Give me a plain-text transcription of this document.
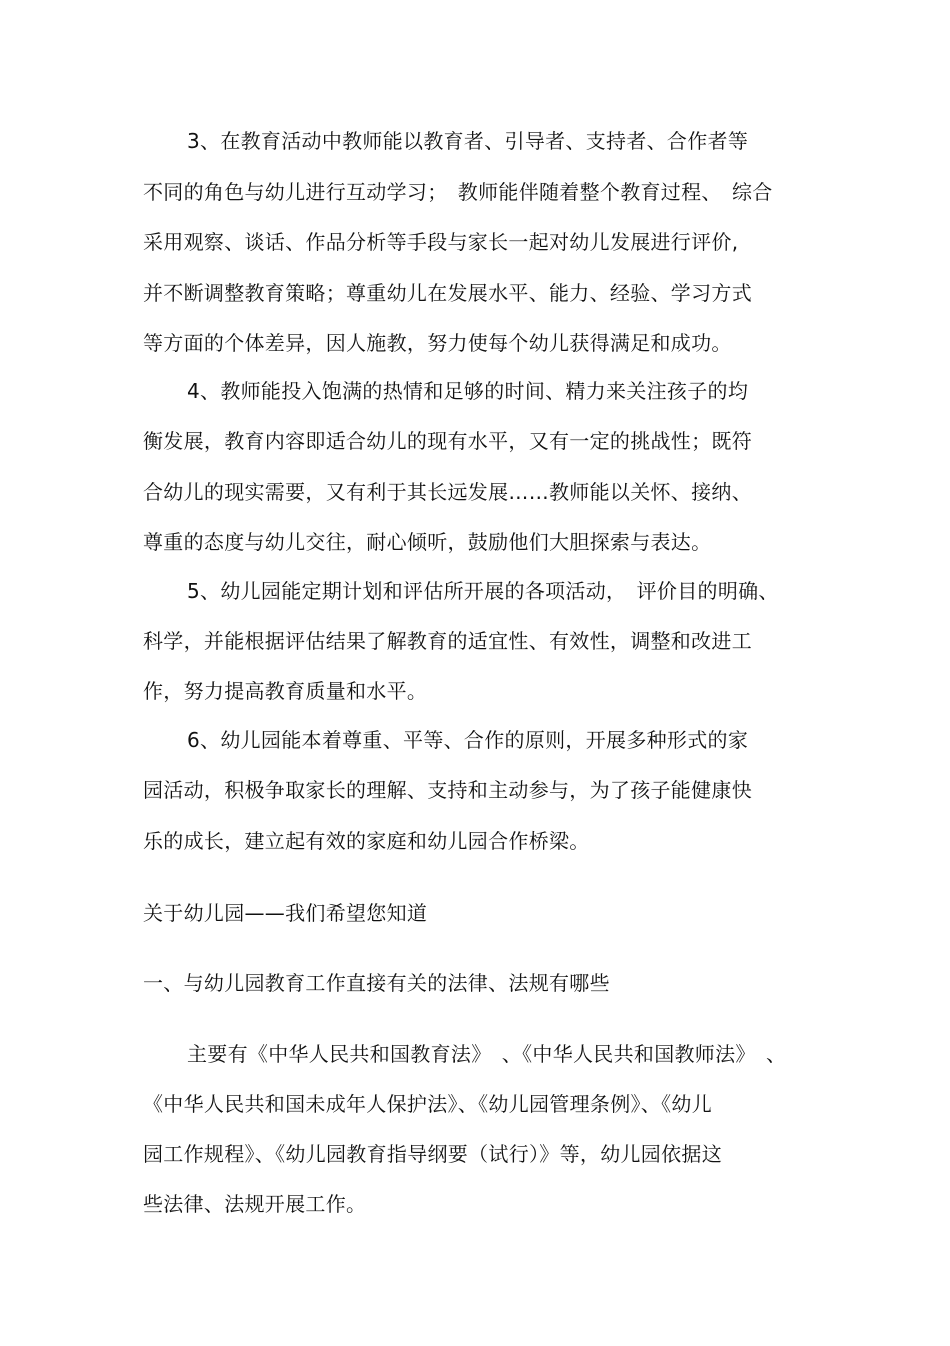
3、在教育活动中教师能以教育者、引导者、支持者、合作者等
不同的角色与幼儿进行互动学习；　教师能伴随着整个教育过程、　综合
采用观察、谈话、作品分析等手段与家长一起对幼儿发展进行评价,
并不断调整教育策略；尊重幼儿在发展水平、能力、经验、学习方式
等方面的个体差异，因人施教，努力使每个幼儿获得满足和成功。
4、教师能投入饱满的热情和足够的时间、精力来关注孩子的均
衡发展，教育内容即适合幼儿的现有水平，又有一定的挑战性；既符
合幼儿的现实需要，又有利于其长远发展……教师能以关怀、接纳、
尊重的态度与幼儿交往，耐心倾听，鼓励他们大胆探索与表达。
5、幼儿园能定期计划和评估所开展的各项活动，　评价目的明确、
科学，并能根据评估结果了解教育的适宜性、有效性，调整和改进工
作，努力提高教育质量和水平。
6、幼儿园能本着尊重、平等、合作的原则，开展多种形式的家
园活动，积极争取家长的理解、支持和主动参与，为了孩子能健康快
乐的成长，建立起有效的家庭和幼儿园合作桥梁。
关于幼儿园——我们希望您知道
一、与幼儿园教育工作直接有关的法律、法规有哪些
主要有《中华人民共和国教育法》　、《中华人民共和国教师法》　、
《中华人民共和国未成年人保护法》、《幼儿园管理条例》、《幼儿
园工作规程》、《幼儿园教育指导纲要（试行）》等，幼儿园依据这
些法律、法规开展工作。
